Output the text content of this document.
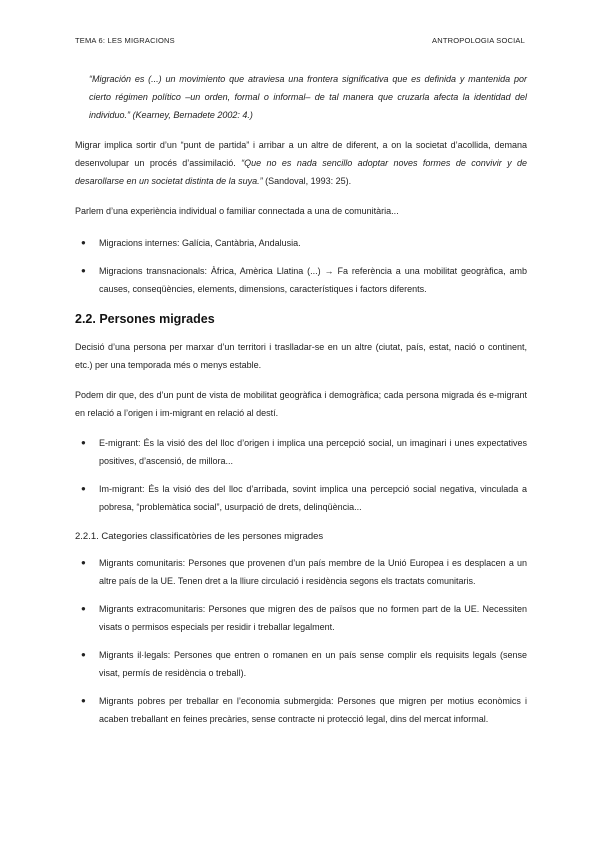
TEMA 6: LES MIGRACIONS	ANTROPOLOGIA SOCIAL

“Migración es (...) un movimiento que atraviesa una frontera significativa que es definida y mantenida por cierto régimen político –un orden, formal o informal– de tal manera que cruzarla afecta la identidad del individuo.” (Kearney, Bernadete 2002: 4.)

Migrar implica sortir d’un “punt de partida” i arribar a un altre de diferent, a on la societat d’acollida, demana desenvolupar un procés d’assimilació. “Que no es nada sencillo adoptar noves formes de convivir y de desarollarse en un societat distinta de la suya.” (Sandoval, 1993: 25).

Parlem d’una experiència individual o familiar connectada a una de comunitària...

● Migracions internes: Galícia, Cantàbria, Andalusia.
● Migracions transnacionals: Àfrica, Amèrica Llatina (...) → Fa referència a una mobilitat geogràfica, amb causes, conseqüències, elements, dimensions, característiques i factors diferents.
2.2. Persones migrades

Decisió d’una persona per marxar d’un territori i traslladar-se en un altre (ciutat, país, estat, nació o continent, etc.) per una temporada més o menys estable.

Podem dir que, des d’un punt de vista de mobilitat geogràfica i demogràfica; cada persona migrada és e-migrant en relació a l’origen i im-migrant en relació al destí.

● E-migrant: És la visió des del lloc d’origen i implica una percepció social, un imaginari i unes expectatives positives, d’ascensió, de millora...
● Im-migrant: És la visió des del lloc d’arribada, sovint implica una percepció social negativa, vinculada a pobresa, “problemàtica social”, usurpació de drets, delinqüència...
2.2.1. Categories classificatòries de les persones migrades
● Migrants comunitaris: Persones que provenen d’un país membre de la Unió Europea i es desplacen a un altre país de la UE. Tenen dret a la lliure circulació i residència segons els tractats comunitaris.
● Migrants extracomunitaris: Persones que migren des de països que no formen part de la UE. Necessiten visats o permisos especials per residir i treballar legalment.
● Migrants il·legals: Persones que entren o romanen en un país sense complir els requisits legals (sense visat, permís de residència o treball).
● Migrants pobres per treballar en l’economia submergida: Persones que migren per motius econòmics i acaben treballant en feines precàries, sense contracte ni protecció legal, dins del mercat informal.
